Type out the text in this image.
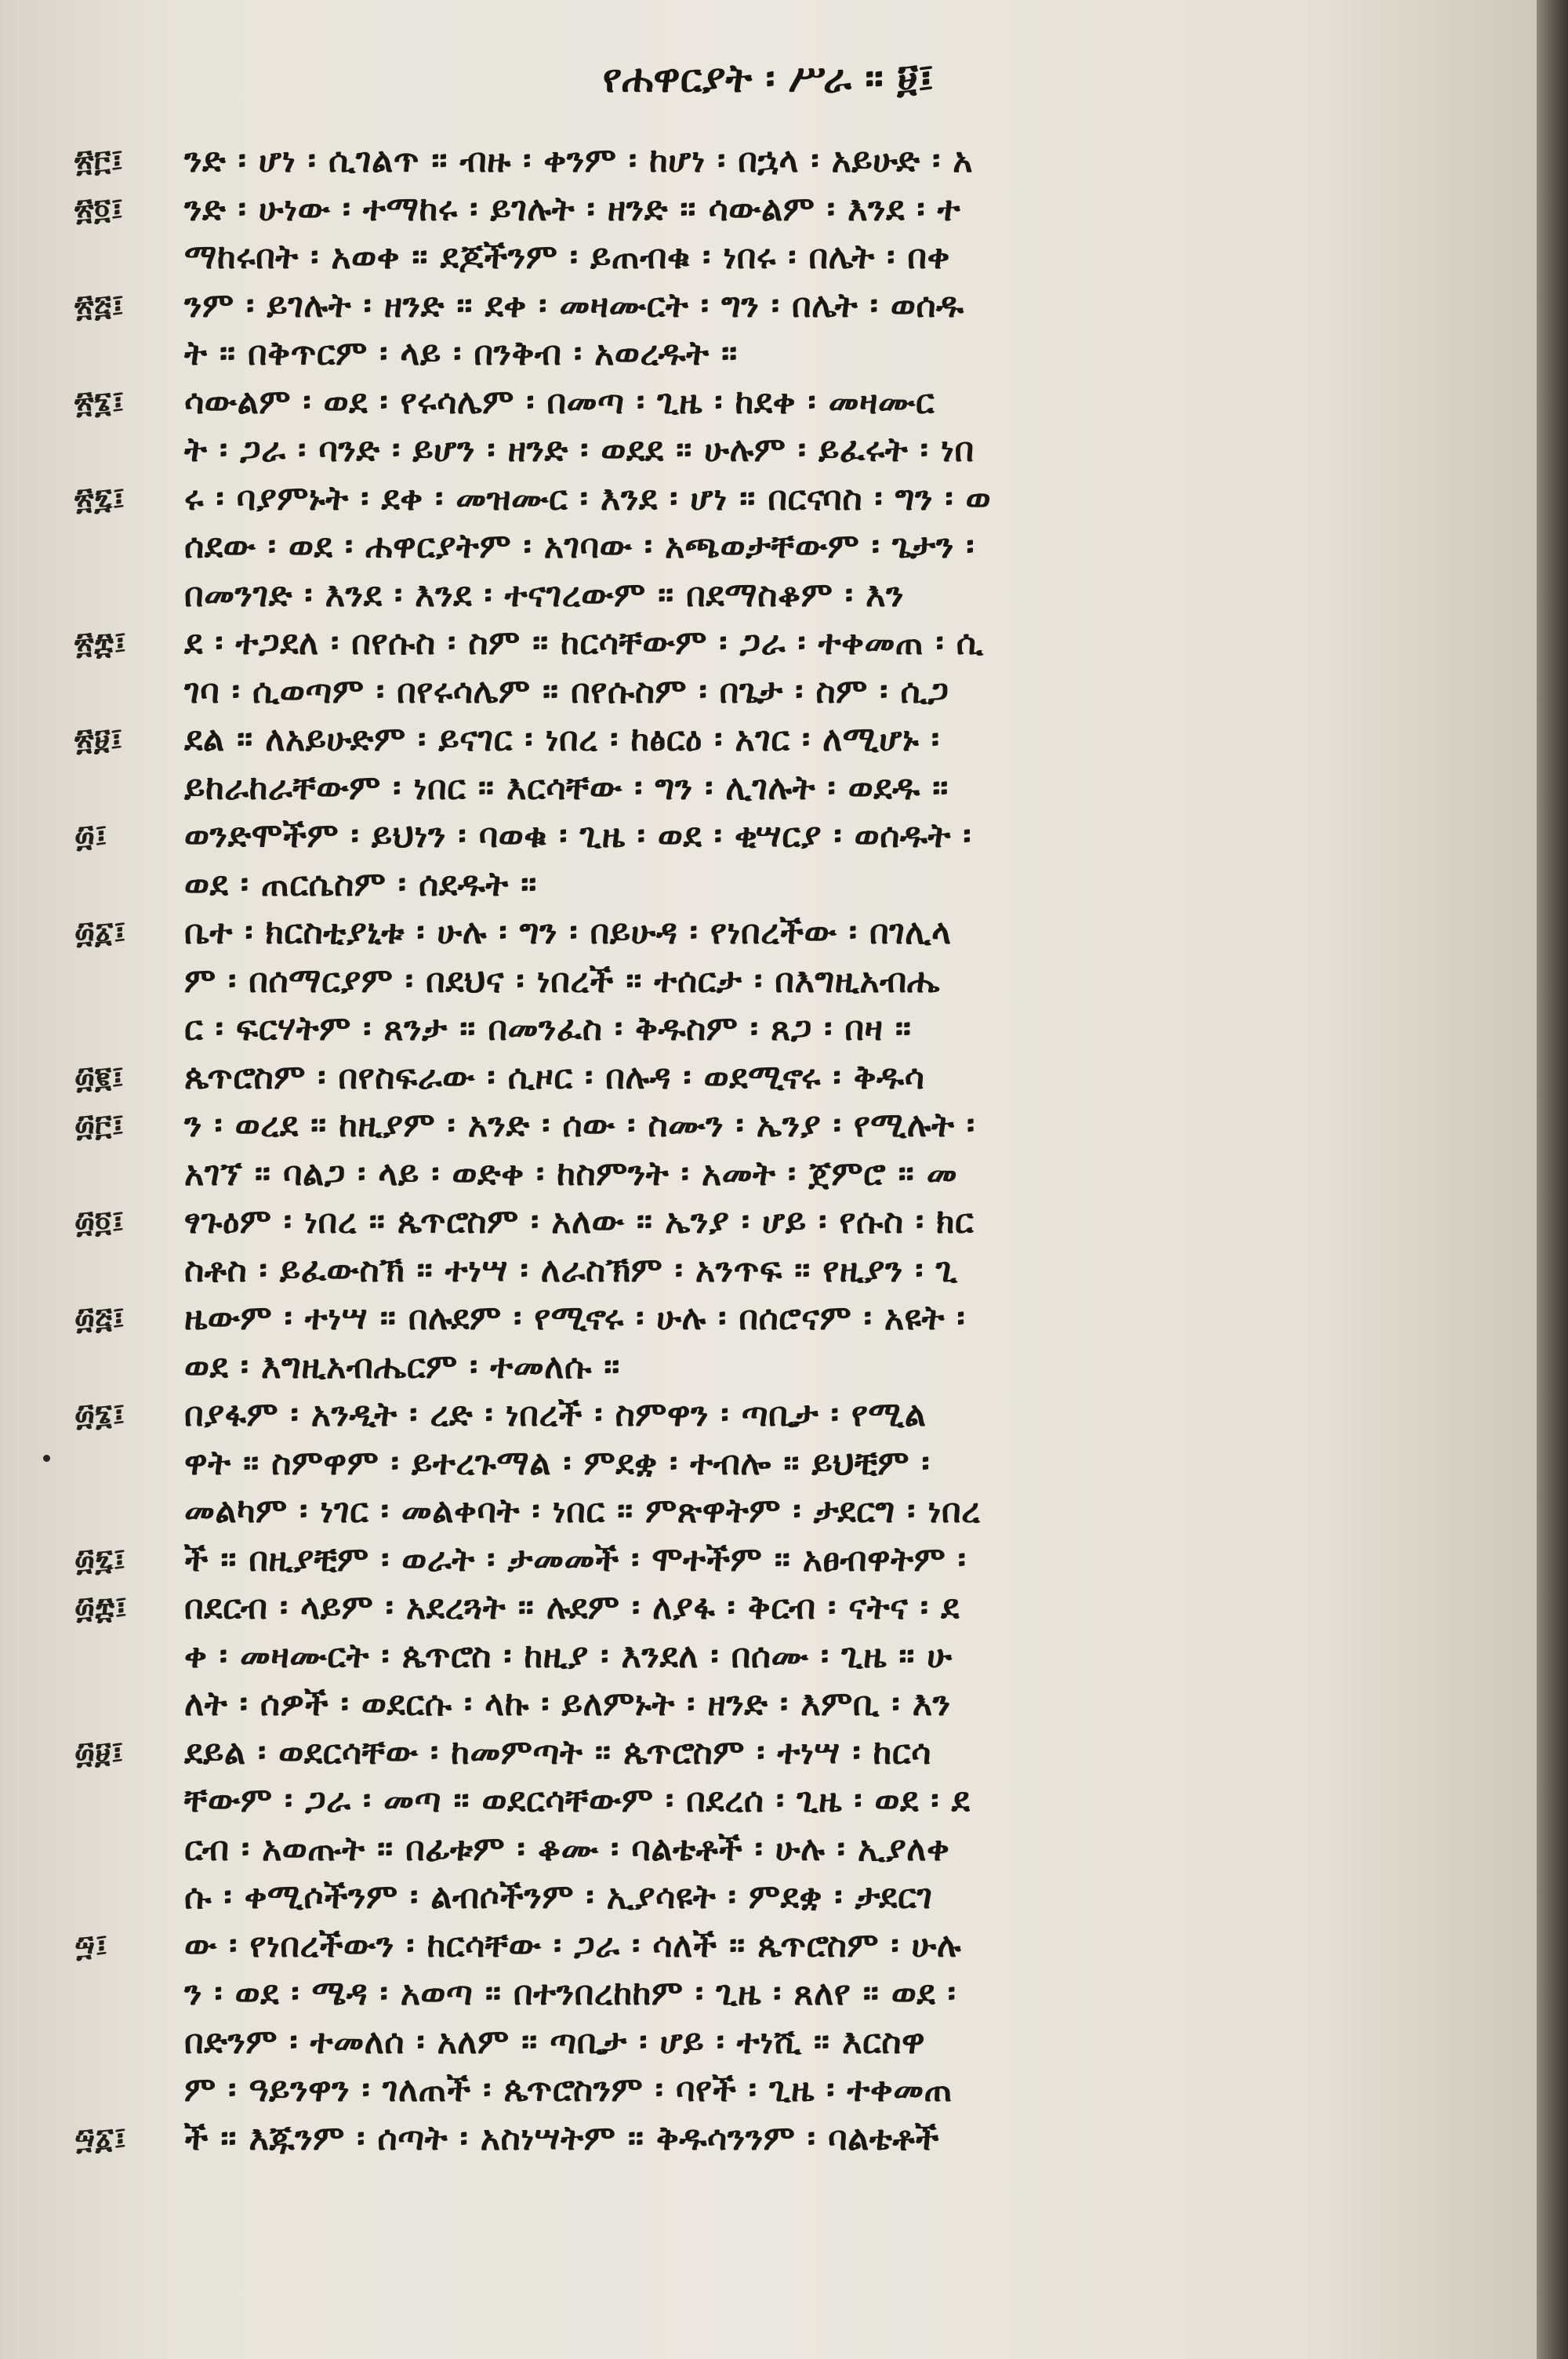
የሐዋርያት ፡ ሥራ ። ፱፤
፳፫፤	ንድ ፡ ሆነ ፡ ሲገልጥ ። ብዙ ፡ ቀንም ፡ ከሆነ ፡ በኋላ ፡ አይሁድ ፡ አ
፳፬፤	ንድ ፡ ሁነው ፡ ተማከሩ ፡ ይገሉት ፡ ዘንድ ። ሳውልም ፡ እንደ ፡ ተ
ማከሩበት ፡ አወቀ ። ደጆችንም ፡ ይጠብቁ ፡ ነበሩ ፡ በሌት ፡ በቀ
፳፭፤	ንም ፡ ይገሉት ፡ ዘንድ ። ደቀ ፡ መዛሙርት ፡ ግን ፡ በሌት ፡ ወሰዱ
ት ። በቅጥርም ፡ ላይ ፡ በንቅብ ፡ አወረዱት ።
፳፮፤	ሳውልም ፡ ወደ ፡ የሩሳሌም ፡ በመጣ ፡ ጊዜ ፡ ከደቀ ፡ መዛሙር
ት ፡ ጋራ ፡ ባንድ ፡ ይሆን ፡ ዘንድ ፡ ወደደ ። ሁሉም ፡ ይፈሩት ፡ ነበ
፳፯፤	ሩ ፡ ባያምኑት ፡ ደቀ ፡ መዝሙር ፡ እንደ ፡ ሆነ ። በርናባስ ፡ ግን ፡ ወ
ሰደው ፡ ወደ ፡ ሐዋርያትም ፡ አገባው ፡ አጫወታቸውም ፡ ጌታን ፡
በመንገድ ፡ እንደ ፡ እንደ ፡ ተናገረውም ። በደማስቆም ፡ እን
፳፰፤	ደ ፡ ተጋደለ ፡ በየሱስ ፡ ስም ። ከርሳቸውም ፡ ጋራ ፡ ተቀመጠ ፡ ሲ
ገባ ፡ ሲወጣም ፡ በየሩሳሌም ። በየሱስም ፡ በጌታ ፡ ስም ፡ ሲጋ
፳፱፤	ደል ። ለአይሁድም ፡ ይናገር ፡ ነበረ ፡ ከፅርዕ ፡ አገር ፡ ለሚሆኑ ፡
ይከራከራቸውም ፡ ነበር ። እርሳቸው ፡ ግን ፡ ሊገሉት ፡ ወደዱ ።
፴፤	ወንድሞችም ፡ ይህነን ፡ ባወቁ ፡ ጊዜ ፡ ወደ ፡ ቂሣርያ ፡ ወሰዱት ፡
ወደ ፡ ጠርሴስም ፡ ሰደዱት ።
፴፩፤	ቤተ ፡ ክርስቲያኒቱ ፡ ሁሉ ፡ ግን ፡ በይሁዳ ፡ የነበረችው ፡ በገሊላ
ም ፡ በሰማርያም ፡ በደህና ፡ ነበረች ። ተሰርታ ፡ በእግዚአብሔ
ር ፡ ፍርሃትም ፡ ጸንታ ። በመንፈስ ፡ ቅዱስም ፡ ጸጋ ፡ በዛ ።
፴፪፤	ጴጥሮስም ፡ በየስፍራው ፡ ሲዞር ፡ በሉዳ ፡ ወደሚኖሩ ፡ ቅዱሳ
፴፫፤	ን ፡ ወረደ ። ከዚያም ፡ አንድ ፡ ሰው ፡ ስሙን ፡ ኤንያ ፡ የሚሉት ፡
አገኘ ። ባልጋ ፡ ላይ ፡ ወድቀ ፡ ከስምንት ፡ አመት ፡ ጀምሮ ። መ
፴፬፤	ፃጉዕም ፡ ነበረ ። ጴጥሮስም ፡ አለው ። ኤንያ ፡ ሆይ ፡ የሱስ ፡ ክር
ስቶስ ፡ ይፈውስኽ ። ተነሣ ፡ ለራስኽም ፡ አንጥፍ ። የዚያን ፡ ጊ
፴፭፤	ዜውም ፡ ተነሣ ። በሉደም ፡ የሚኖሩ ፡ ሁሉ ፡ በሰሮናም ፡ አዩት ፡
ወደ ፡ እግዚአብሔርም ፡ ተመለሱ ።
፴፮፤	በያፋም ፡ አንዲት ፡ ረድ ፡ ነበረች ፡ ስምዋን ፡ ጣቢታ ፡ የሚል
ዋት ። ስምዋም ፡ ይተረጉማል ፡ ምደቋ ፡ ተብሎ ። ይህቺም ፡
መልካም ፡ ነገር ፡ መልቀባት ፡ ነበር ። ምጽዋትም ፡ ታደርግ ፡ ነበረ
፴፯፤	ች ። በዚያቺም ፡ ወራት ፡ ታመመች ፡ ሞተችም ። አፀብዋትም ፡
፴፰፤	በደርብ ፡ ላይም ፡ አደረጓት ። ሉደም ፡ ለያፋ ፡ ቅርብ ፡ ናትና ፡ ደ
ቀ ፡ መዛሙርት ፡ ጴጥሮስ ፡ ከዚያ ፡ እንደለ ፡ በሰሙ ፡ ጊዜ ። ሁ
ለት ፡ ሰዎች ፡ ወደርሱ ፡ ላኩ ፡ ይለምኑት ፡ ዘንድ ፡ እምቢ ፡ እን
፴፱፤	ደይል ፡ ወደርሳቸው ፡ ከመምጣት ። ጴጥሮስም ፡ ተነሣ ፡ ከርሳ
ቸውም ፡ ጋራ ፡ መጣ ። ወደርሳቸውም ፡ በደረሰ ፡ ጊዜ ፡ ወደ ፡ ደ
ርብ ፡ አወጡት ። በፊቱም ፡ ቆሙ ፡ ባልቴቶች ፡ ሁሉ ፡ ኢያለቀ
ሱ ፡ ቀሚሶችንም ፡ ልብሶችንም ፡ ኢያሳዩት ፡ ምደቋ ፡ ታደርገ
፵፤	ው ፡ የነበረችውን ፡ ከርሳቸው ፡ ጋራ ፡ ሳለች ። ጴጥሮስም ፡ ሁሉ
ን ፡ ወደ ፡ ሜዳ ፡ አወጣ ። በተንበረከከም ፡ ጊዜ ፡ ጸለየ ። ወደ ፡
በድንም ፡ ተመለሰ ፡ አለም ። ጣቢታ ፡ ሆይ ፡ ተነሺ ። እርስዋ
ም ፡ ዓይንዋን ፡ ገለጠች ፡ ጴጥሮስንም ፡ ባየች ፡ ጊዜ ፡ ተቀመጠ
፵፩፤	ች ። እጁንም ፡ ሰጣት ፡ አስነሣትም ። ቅዱሳንንም ፡ ባልቴቶች
